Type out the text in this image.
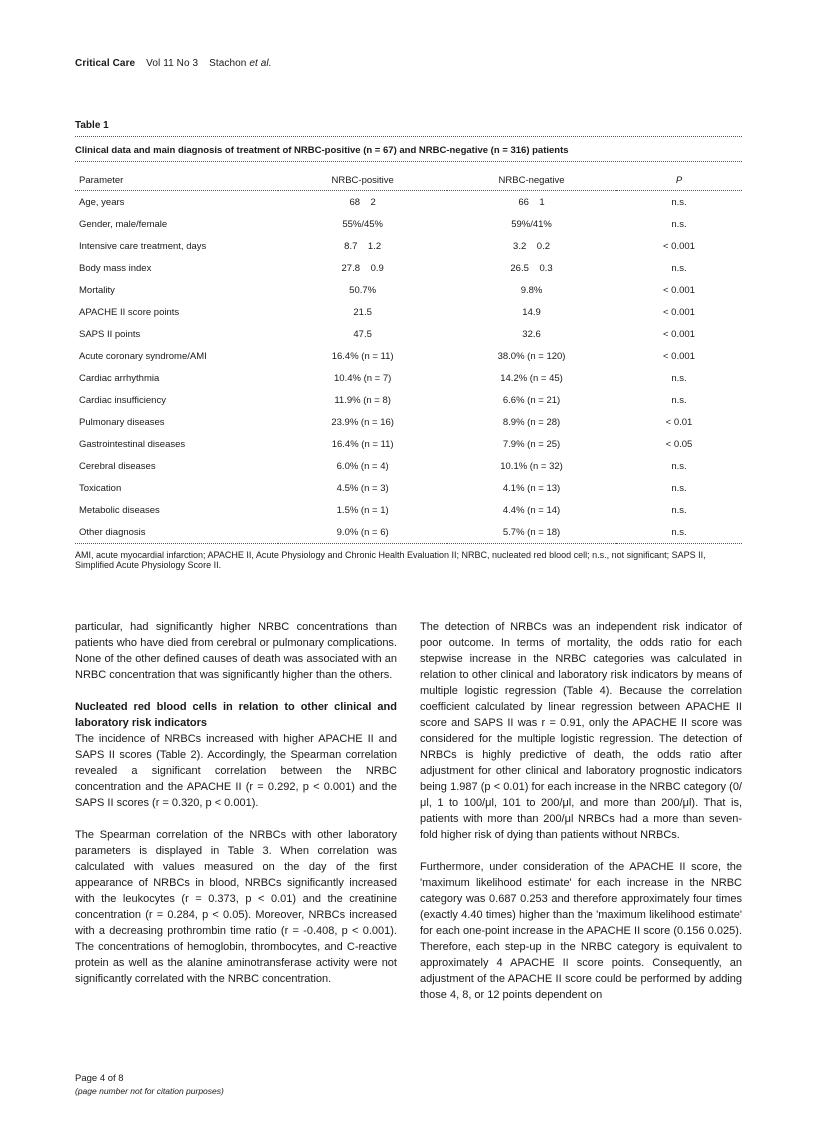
Critical Care Vol 11 No 3 Stachon et al.
Table 1
Clinical data and main diagnosis of treatment of NRBC-positive (n = 67) and NRBC-negative (n = 316) patients
Parameter	NRBC-positive	NRBC-negative	P
Age, years	68    2	66    1	n.s.
Gender, male/female	55%/45%	59%/41%	n.s.
Intensive care treatment, days	8.7    1.2	3.2    0.2	< 0.001
Body mass index	27.8    0.9	26.5    0.3	n.s.
Mortality	50.7%	9.8%	< 0.001
APACHE II score points	21.5	14.9	< 0.001
SAPS II points	47.5	32.6	< 0.001
Acute coronary syndrome/AMI	16.4% (n = 11)	38.0% (n = 120)	< 0.001
Cardiac arrhythmia	10.4% (n = 7)	14.2% (n = 45)	n.s.
Cardiac insufficiency	11.9% (n = 8)	6.6% (n = 21)	n.s.
Pulmonary diseases	23.9% (n = 16)	8.9% (n = 28)	< 0.01
Gastrointestinal diseases	16.4% (n = 11)	7.9% (n = 25)	< 0.05
Cerebral diseases	6.0% (n = 4)	10.1% (n = 32)	n.s.
Toxication	4.5% (n = 3)	4.1% (n = 13)	n.s.
Metabolic diseases	1.5% (n = 1)	4.4% (n = 14)	n.s.
Other diagnosis	9.0% (n = 6)	5.7% (n = 18)	n.s.
AMI, acute myocardial infarction; APACHE II, Acute Physiology and Chronic Health Evaluation II; NRBC, nucleated red blood cell; n.s., not significant; SAPS II, Simplified Acute Physiology Score II.

particular, had significantly higher NRBC concentrations than patients who have died from cerebral or pulmonary complications. None of the other defined causes of death was associated with an NRBC concentration that was significantly higher than the others.

Nucleated red blood cells in relation to other clinical and laboratory risk indicators

The incidence of NRBCs increased with higher APACHE II and SAPS II scores (Table 2). Accordingly, the Spearman correlation revealed a significant correlation between the NRBC concentration and the APACHE II (r = 0.292, p < 0.001) and the SAPS II scores (r = 0.320, p < 0.001).

The Spearman correlation of the NRBCs with other laboratory parameters is displayed in Table 3. When correlation was calculated with values measured on the day of the first appearance of NRBCs in blood, NRBCs significantly increased with the leukocytes (r = 0.373, p < 0.01) and the creatinine concentration (r = 0.284, p < 0.05). Moreover, NRBCs increased with a decreasing prothrombin time ratio (r = -0.408, p < 0.001). The concentrations of hemoglobin, thrombocytes, and C-reactive protein as well as the alanine aminotransferase activity were not significantly correlated with the NRBC concentration.

The detection of NRBCs was an independent risk indicator of poor outcome. In terms of mortality, the odds ratio for each stepwise increase in the NRBC categories was calculated in relation to other clinical and laboratory risk indicators by means of multiple logistic regression (Table 4). Because the correlation coefficient calculated by linear regression between APACHE II score and SAPS II was r = 0.91, only the APACHE II score was considered for the multiple logistic regression. The detection of NRBCs is highly predictive of death, the odds ratio after adjustment for other clinical and laboratory prognostic indicators being 1.987 (p < 0.01) for each increase in the NRBC category (0/μl, 1 to 100/μl, 101 to 200/μl, and more than 200/μl). That is, patients with more than 200/μl NRBCs had a more than seven-fold higher risk of dying than patients without NRBCs.

Furthermore, under consideration of the APACHE II score, the 'maximum likelihood estimate' for each increase in the NRBC category was 0.687 0.253 and therefore approximately four times (exactly 4.40 times) higher than the 'maximum likelihood estimate' for each one-point increase in the APACHE II score (0.156 0.025). Therefore, each step-up in the NRBC category is equivalent to approximately 4 APACHE II score points. Consequently, an adjustment of the APACHE II score could be performed by adding those 4, 8, or 12 points dependent on

Page 4 of 8
(page number not for citation purposes)
